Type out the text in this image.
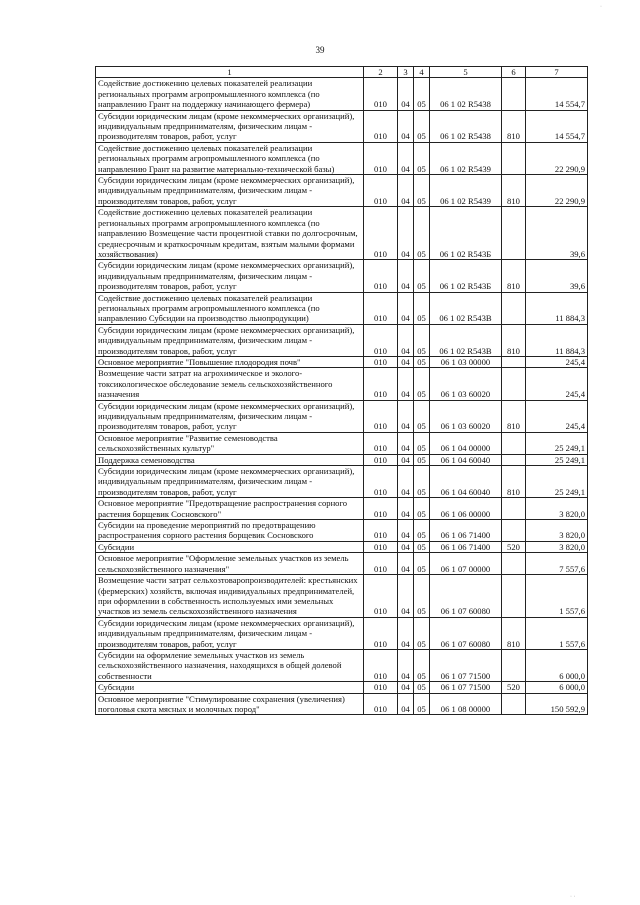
39
1	2	3	4	5	6	7
Содействие достижению целевых показателей реализации региональных программ агропромышленного комплекса (по направлению Грант на поддержку начинающего фермера)	010	04	05	06 1 02 R5438		14 554,7
Субсидии юридическим лицам (кроме некоммерческих организаций), индивидуальным предпринимателям, физическим лицам - производителям товаров, работ, услуг	010	04	05	06 1 02 R5438	810	14 554,7
Содействие достижению целевых показателей реализации региональных программ агропромышленного комплекса (по направлению Грант на развитие материально-технической базы)	010	04	05	06 1 02 R5439		22 290,9
Субсидии юридическим лицам (кроме некоммерческих организаций), индивидуальным предпринимателям, физическим лицам - производителям товаров, работ, услуг	010	04	05	06 1 02 R5439	810	22 290,9
Содействие достижению целевых показателей реализации региональных программ агропромышленного комплекса (по направлению Возмещение части процентной ставки по долгосрочным, среднесрочным и краткосрочным кредитам, взятым малыми формами хозяйствования)	010	04	05	06 1 02 R543Б		39,6
Субсидии юридическим лицам (кроме некоммерческих организаций), индивидуальным предпринимателям, физическим лицам - производителям товаров, работ, услуг	010	04	05	06 1 02 R543Б	810	39,6
Содействие достижению целевых показателей реализации региональных программ агропромышленного комплекса (по направлению Субсидии на производство льнопродукции)	010	04	05	06 1 02 R543В		11 884,3
Субсидии юридическим лицам (кроме некоммерческих организаций), индивидуальным предпринимателям, физическим лицам - производителям товаров, работ, услуг	010	04	05	06 1 02 R543В	810	11 884,3
Основное мероприятие "Повышение плодородия почв"	010	04	05	06 1 03 00000		245,4
Возмещение части затрат на агрохимическое и эколого-токсикологическое обследование земель сельскохозяйственного назначения	010	04	05	06 1 03 60020		245,4
Субсидии юридическим лицам (кроме некоммерческих организаций), индивидуальным предпринимателям, физическим лицам - производителям товаров, работ, услуг	010	04	05	06 1 03 60020	810	245,4
Основное мероприятие "Развитие семеноводства сельскохозяйственных культур"	010	04	05	06 1 04 00000		25 249,1
Поддержка семеноводства	010	04	05	06 1 04 60040		25 249,1
Субсидии юридическим лицам (кроме некоммерческих организаций), индивидуальным предпринимателям, физическим лицам - производителям товаров, работ, услуг	010	04	05	06 1 04 60040	810	25 249,1
Основное мероприятие "Предотвращение распространения сорного растения борщевик Сосновского"	010	04	05	06 1 06 00000		3 820,0
Субсидии на проведение мероприятий по предотвращению распространения сорного растения борщевик Сосновского	010	04	05	06 1 06 71400		3 820,0
Субсидии	010	04	05	06 1 06 71400	520	3 820,0
Основное мероприятие "Оформление земельных участков из земель сельскохозяйственного назначения"	010	04	05	06 1 07 00000		7 557,6
Возмещение части затрат сельхозтоваропроизводителей: крестьянских (фермерских) хозяйств, включая индивидуальных предпринимателей, при оформлении в собственность используемых ими земельных участков из земель сельскохозяйственного назначения	010	04	05	06 1 07 60080		1 557,6
Субсидии юридическим лицам (кроме некоммерческих организаций), индивидуальным предпринимателям, физическим лицам - производителям товаров, работ, услуг	010	04	05	06 1 07 60080	810	1 557,6
Субсидии на оформление земельных участков из земель сельскохозяйственного назначения, находящихся в общей долевой собственности	010	04	05	06 1 07 71500		6 000,0
Субсидии	010	04	05	06 1 07 71500	520	6 000,0
Основное мероприятие "Стимулирование сохранения (увеличения) поголовья скота мясных и молочных пород"	010	04	05	06 1 08 00000		150 592,9
·
· ·
